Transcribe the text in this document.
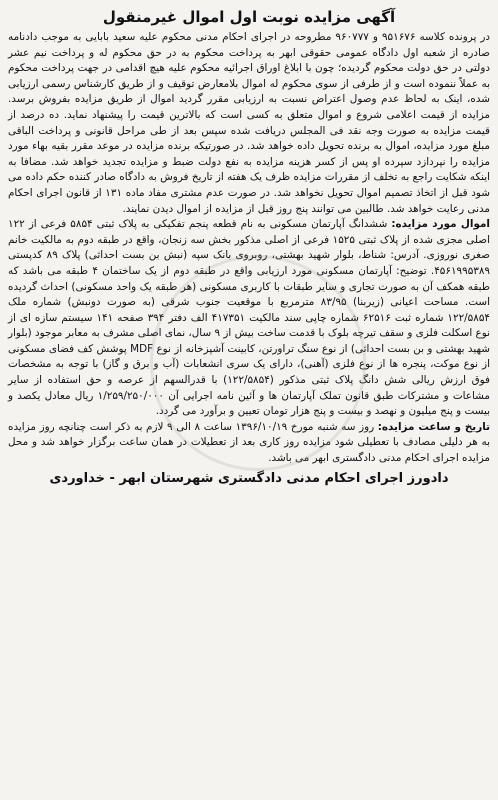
آگهی مزایده نوبت اول اموال غیرمنقول

در پرونده کلاسه ۹۵۱۶۷۶ و ۹۶۰۷۷۷ مطروحه در اجرای احکام مدنی محکوم علیه سعید بابایی به موجب دادنامه صادره از شعبه اول دادگاه عمومی حقوقی ابهر به پرداخت محکوم به در حق محکوم له و پرداخت نیم عشر دولتی در حق دولت محکوم گردیده؛ چون با ابلاغ اوراق اجرائیه محکوم علیه هیچ اقدامی در جهت پرداخت محکوم به عملاً ننموده است و از طرفی از سوی محکوم له اموال بلامعارض توقیف و از طریق کارشناس رسمی ارزیابی شده، اینک به لحاظ عدم وصول اعتراض نسبت به ارزیابی مقرر گردید اموال از طریق مزایده بفروش برسد. مزایده از قیمت اعلامی شروع و اموال متعلق به کسی است که بالاترین قیمت را پیشنهاد نماید. ده درصد از قیمت مزایده به صورت وجه نقد فی المجلس دریافت شده سپس بعد از طی مراحل قانونی و پرداخت الباقی مبلغ مورد مزایده، اموال به برنده تحویل داده خواهد شد. در صورتیکه برنده مزایده در موعد مقرر بقیه بهاء مورد مزایده را نپردازد سپرده او پس از کسر هزینه مزایده به نفع دولت ضبط و مزایده تجدید خواهد شد. مضافا به اینکه شکایت راجع به تخلف از مقررات مزایده ظرف یک هفته از تاریخ فروش به دادگاه صادر کننده حکم داده می شود قبل از اتخاذ تصمیم اموال تحویل نخواهد شد. در صورت عدم مشتری مفاد ماده ۱۳۱ از قانون اجرای احکام مدنی رعایت خواهد شد. طالبین می توانند پنج روز قبل از مزایده از اموال دیدن نمایند.

اموال مورد مزایده: ششدانگ آپارتمان مسکونی به نام قطعه پنجم تفکیکی به پلاک ثبتی ۵۸۵۴ فرعی از ۱۲۲ اصلی مجزی شده از پلاک ثبتی ۱۵۲۵ فرعی از اصلی مذکور بخش سه زنجان، واقع در طبقه دوم به مالکیت خانم صغری نوروزی. آدرس: شناط، بلوار شهید بهشتی، روبروی بانک سپه (نبش بن بست احداثی) پلاک ۸۹ کدپستی ۴۵۶۱۹۹۵۳۸۹. توضیح: آپارتمان مسکونی مورد ارزیابی واقع در طبقه دوم از یک ساختمان ۴ طبقه می باشد که طبقه همکف آن به صورت تجاری و سایر طبقات با کاربری مسکونی (هر طبقه یک واحد مسکونی) احداث گردیده است. مساحت اعیانی (زیربنا) ۸۳/۹۵ مترمربع با موقعیت جنوب شرقی (به صورت دونبش) شماره ملک ۱۲۲/۵۸۵۴ شماره ثبت ۶۲۵۱۶ شماره چاپی سند مالکیت ۴۱۷۳۵۱ الف دفتر ۳۹۴ صفحه ۱۴۱ سیستم سازه ای از نوع اسکلت فلزی و سقف تیرچه بلوک با قدمت ساخت بیش از ۹ سال، نمای اصلی مشرف به معابر موجود (بلوار شهید بهشتی و بن بست احداثی) از نوع سنگ تراورتن، کابینت آشپزخانه از نوع MDF پوشش کف فضای مسکونی از نوع موکت، پنجره ها از نوع فلزی (آهنی)، دارای یک سری انشعابات (آب و برق و گاز) با توجه به مشخصات فوق ارزش ریالی شش دانگ پلاک ثبتی مذکور (۱۲۲/۵۸۵۴) با قدرالسهم از عرصه و حق استفاده از سایر مشاعات و مشترکات طبق قانون تملک آپارتمان ها و آئین نامه اجرایی آن ۱/۲۵۹/۲۵۰/۰۰۰ ریال معادل یکصد و بیست و پنج میلیون و نهصد و بیست و پنج هزار تومان تعیین و برآورد می گردد.

تاریخ و ساعت مزایده: روز سه شنبه مورخ ۱۳۹۶/۱۰/۱۹ ساعت ۸ الی ۹ لازم به ذکر است چنانچه روز مزایده به هر دلیلی مصادف با تعطیلی شود مزایده روز کاری بعد از تعطیلات در همان ساعت برگزار خواهد شد و محل مزایده اجرای احکام مدنی دادگستری ابهر می باشد.

دادورز اجرای احکام مدنی دادگستری شهرستان ابهر - خداوردی
